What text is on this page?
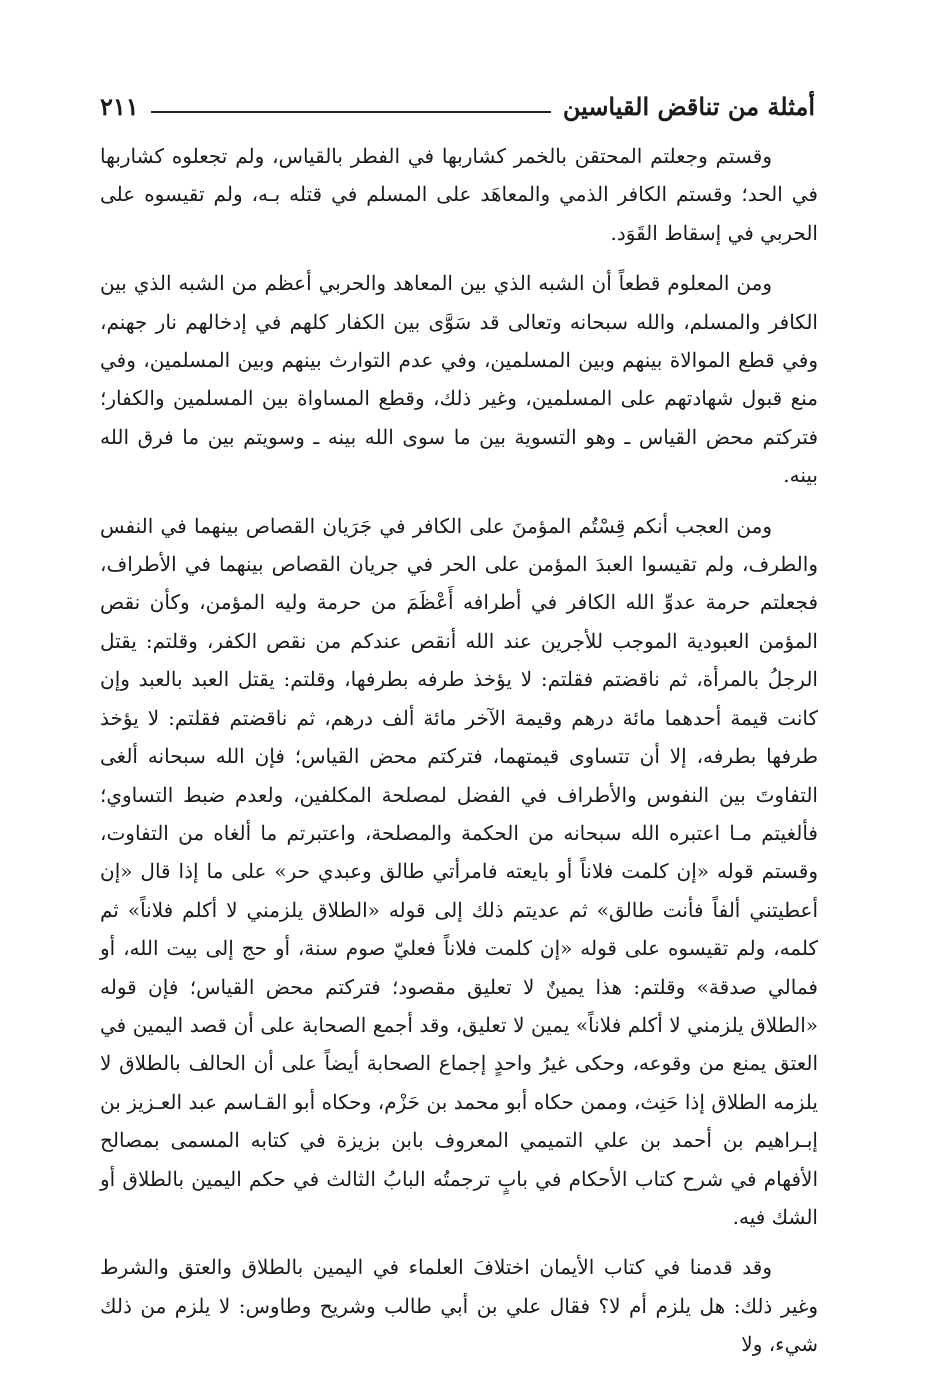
أمثلة من تناقض القياسين
٢١١

وقستم وجعلتم المحتقن بالخمر كشاربها في الفطر بالقياس، ولم تجعلوه كشاربها في الحد؛ وقستم الكافر الذمي والمعاهَد على المسلم في قتله بـه، ولم تقيسوه على الحربي في إسقاط القَوَد.

ومن المعلوم قطعاً أن الشبه الذي بين المعاهد والحربي أعظم من الشبه الذي بين الكافر والمسلم، والله سبحانه وتعالى قد سَوَّى بين الكفار كلهم في إدخالهم نار جهنم، وفي قطع الموالاة بينهم وبين المسلمين، وفي عدم التوارث بينهم وبين المسلمين، وفي منع قبول شهادتهم على المسلمين، وغير ذلك، وقطع المساواة بين المسلمين والكفار؛ فتركتم محض القياس ـ وهو التسوية بين ما سوى الله بينه ـ وسويتم بين ما فرق الله بينه.

ومن العجب أنكم قِسْتُم المؤمنَ على الكافر في جَرَيان القصاص بينهما في النفس والطرف، ولم تقيسوا العبدَ المؤمن على الحر في جريان القصاص بينهما في الأطراف، فجعلتم حرمة عدوِّ الله الكافر في أطرافه أَعْظَمَ من حرمة وليه المؤمن، وكأن نقص المؤمن العبودية الموجب للأجرين عند الله أنقص عندكم من نقص الكفر، وقلتم: يقتل الرجلُ بالمرأة، ثم ناقضتم فقلتم: لا يؤخذ طرفه بطرفها، وقلتم: يقتل العبد بالعبد وإن كانت قيمة أحدهما مائة درهم وقيمة الآخر مائة ألف درهم، ثم ناقضتم فقلتم: لا يؤخذ طرفها بطرفه، إلا أن تتساوى قيمتهما، فتركتم محض القياس؛ فإن الله سبحانه ألغى التفاوتَ بين النفوس والأطراف في الفضل لمصلحة المكلفين، ولعدم ضبط التساوي؛ فألغيتم مـا اعتبره الله سبحانه من الحكمة والمصلحة، واعتبرتم ما ألغاه من التفاوت، وقستم قوله «إن كلمت فلاناً أو بايعته فامرأتي طالق وعبدي حر» على ما إذا قال «إن أعطيتني ألفاً فأنت طالق» ثم عديتم ذلك إلى قوله «الطلاق يلزمني لا أكلم فلاناً» ثم كلمه، ولم تقيسوه على قوله «إن كلمت فلاناً فعليّ صوم سنة، أو حج إلى بيت الله، أو فمالي صدقة» وقلتم: هذا يمينٌ لا تعليق مقصود؛ فتركتم محض القياس؛ فإن قوله «الطلاق يلزمني لا أكلم فلاناً» يمين لا تعليق، وقد أجمع الصحابة على أن قصد اليمين في العتق يمنع من وقوعه، وحكى غيرُ واحدٍ إجماع الصحابة أيضاً على أن الحالف بالطلاق لا يلزمه الطلاق إذا حَنِث، وممن حكاه أبو محمد بن حَزْم، وحكاه أبو القـاسم عبد العـزيز بن إبـراهيم بن أحمد بن علي التميمي المعروف بابن بزيزة في كتابه المسمى بمصالح الأفهام في شرح كتاب الأحكام في بابٍ ترجمتُه البابُ الثالث في حكم اليمين بالطلاق أو الشك فيه.

وقد قدمنا في كتاب الأيمان اختلافَ العلماء في اليمين بالطلاق والعتق والشرط وغير ذلك: هل يلزم أم لا؟ فقال علي بن أبي طالب وشريح وطاوس: لا يلزم من ذلك شيء، ولا
